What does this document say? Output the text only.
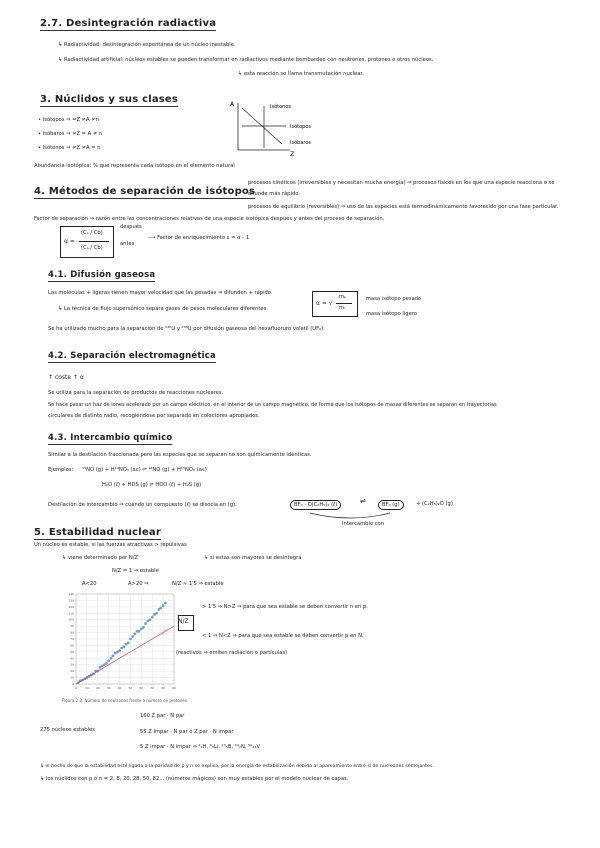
2.7. Desintegración radiactiva
↳ Radiactividad: desintegración espontánea de un núcleo inestable.
↳ Radiactividad artificial: núcleos estables se pueden transformar en radiactivos mediante bombardeo con neutrones, protones o otros núcleos.
↳ esta reacción se llama transmutación nuclear.
3. Núclidos y sus clases
• Isótopos ⇒ =Z ≠A ≠n
• Isóbaros ⇒ ≠Z = A ≠ n
• Isótonos ⇒ ≠Z ≠A = n
Abundancia isotópica: % que representa cada isótopo en el elemento natural
A
Z
Isótonos
Isótopos
Isóbaros
4. Métodos de separación de isótopos
procesos cinéticos (irreversibles y necesitan mucha energía) ⇒ procesos físicos en los que una especie reacciona o se
difunde más rápido.
procesos de equilibrio (reversibles) ⇒ uso de las especies está termodinámicamente favorecido por una fase particular.
Factor de separación ⇒ razón entre las concentraciones relativas de una especie isotópica después y antes del proceso de separación.
α =
(Cₐ / Cb)
(Cₐ / Cb)
después
antes
⟶ Factor de enriquecimiento ε = α - 1
4.1. Difusión gaseosa
Las moléculas + ligeras tienen mayor velocidad que las pesadas ⇒ difunden + rápido.
↳ La técnica de flujo supersónico separa gases de pesos moleculares diferentes.
α = √
mₚ
mₗ
masa isótopo pesado
masa isótopo ligero
Se ha utilizado mucho para la separación de ²³⁵U y ²³⁸U por difusión gaseosa del hexafluoruro volátil (UF₆).
4.2. Separación electromagnética
↑ coste ↑ α
Se utiliza para la separación de productos de reacciones nucleares.
Se hace pasar un haz de iones acelerado por un campo eléctrico, en el interior de un campo magnético, de forma que los isótopos de masas diferentes se separan en trayectorias
circulares de distinto radio, recogiéndose por separado en colectores apropiados.
4.3. Intercambio químico
Similar a la destilación fraccionada pero las especies que se separan no son químicamente idénticas.
Ejemplos: ¹⁵NO (g) + H¹⁴NO₃ (ac) ⇌ ¹⁴NO (g) + H¹⁵NO₃ (ac)
H₂O (ℓ) + HDS (g) ⇌ HDO (ℓ) + H₂S (g)
Destilación de intercambio ⇒ cuando un compuesto (ℓ) se disocia en (g).	BF₃ · O(C₂H₅)₂ (ℓ)	BF₃ (g)	+ (C₂H₅)₂O (g)
⇌
Intercambio con
5. Estabilidad nuclear
Un núcleo es estable, si las fuerzas atractivas > repulsivas
↳ viene determinado por N/Z	↳ si estas son mayores se desintegra
N/Z = 1 ⇒ estable
A<20	A>20 ⇒	N/Z ≈ 1'5 ⇒ estable
0	10 20 30 40 50 60 70 80 90
0
10
20
30
40
50
60
70
80
90
100
110
120
130
140
Figura 2.3. Número de neutrones frente a número de protones.
N/Z
> 1'5 ⇒ N>Z ⇒ para que sea estable se deben convertir n en p.
< 1 ⇒ N<Z ⇒ para que sea estable se deben convertir p en N.
(reactivos ⇒ emiten radiación o partículas)
275 núcleos estables
160 Z par · N par
55 Z impar · N par ó Z par · N impar
5 Z impar · N impar ⇒ ²₁H, ⁶₃Li, ¹⁰₅B, ¹⁴₇N, ⁵⁰₂₃V
↳ el hecho de que la estabilidad esté ligada a la paridad de p y n se explica, por la energía de estabilización debida al apareamiento entre sí de nucleones semejantes.
↳ los núclidos con p ó n = 2, 8, 20, 28, 50, 82... (números mágicos) son muy estables por el modelo nuclear de capas.
